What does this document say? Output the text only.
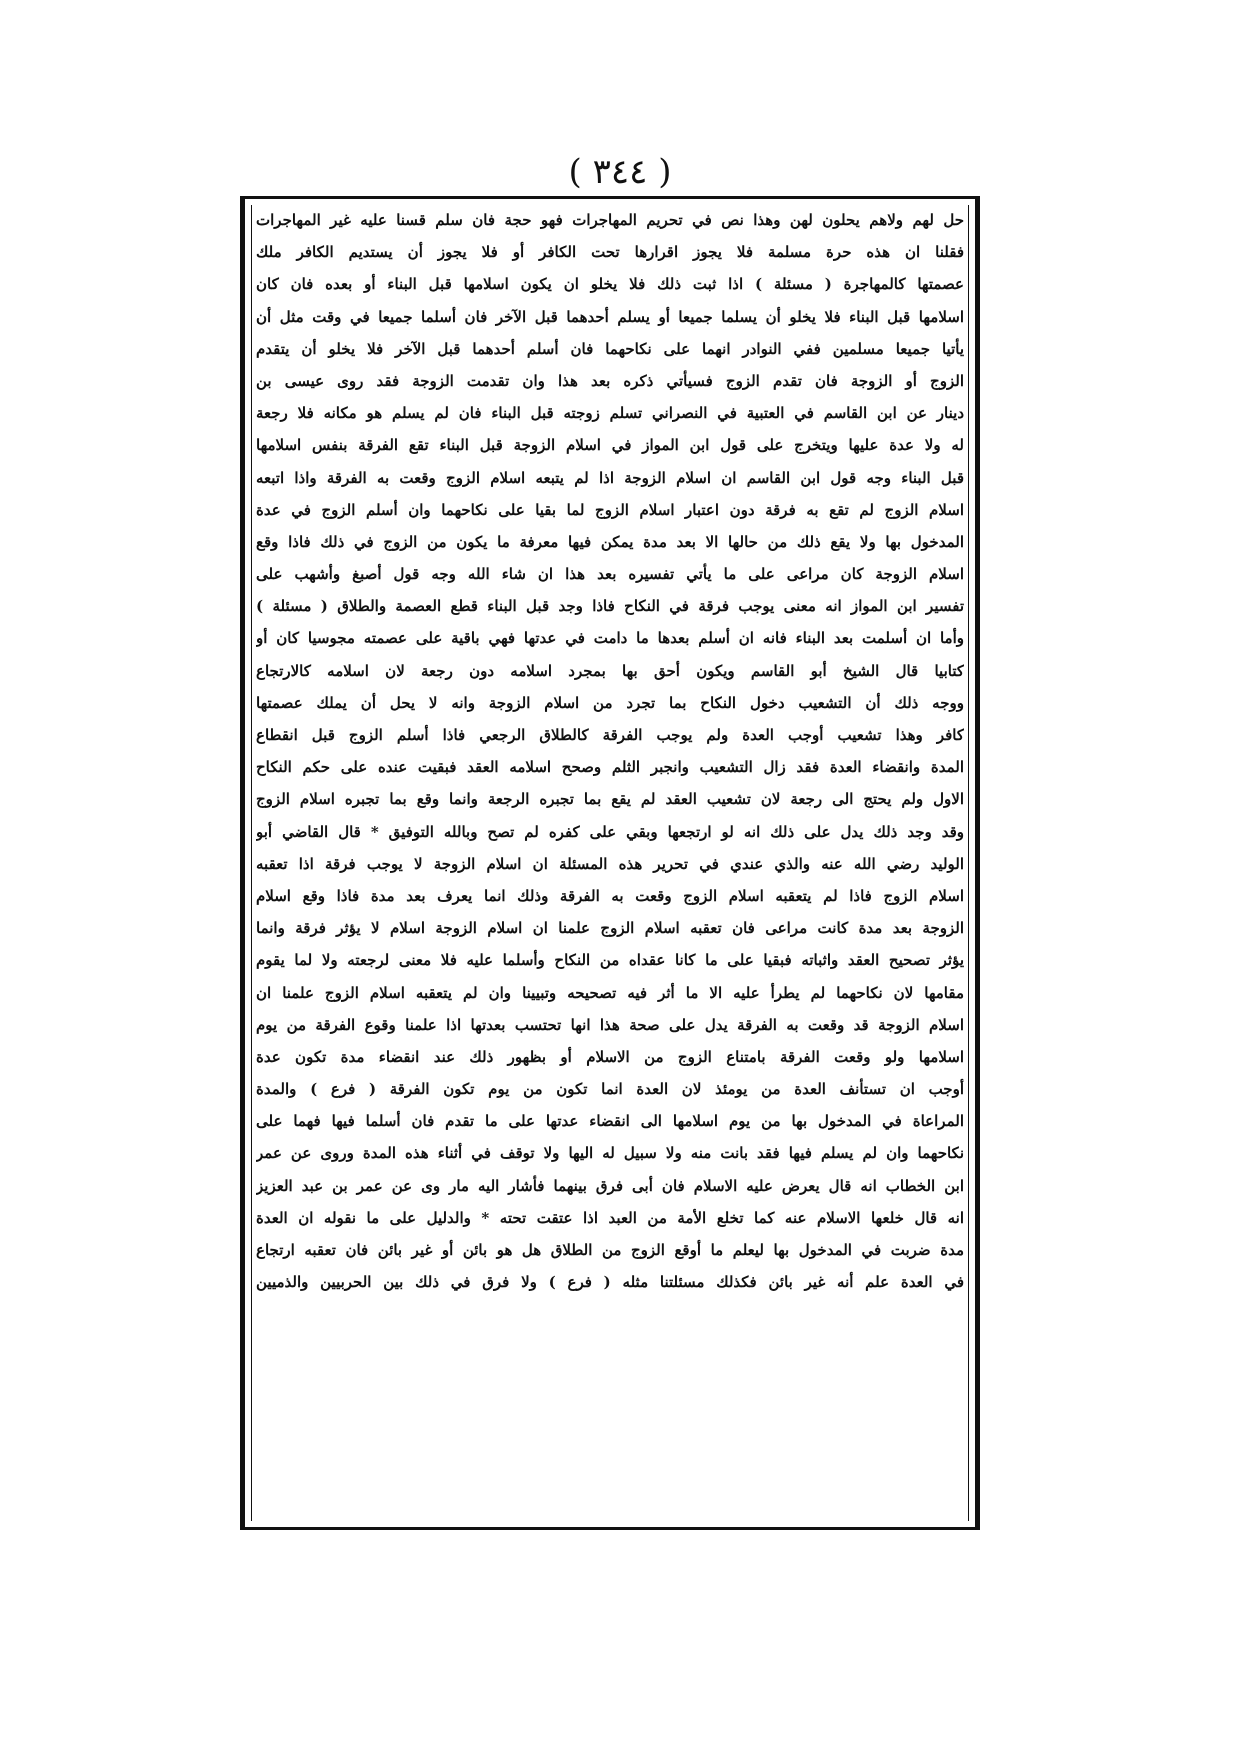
( ٣٤٤ )
حل لهم ولاهم يحلون لهن وهذا نص في تحريم المهاجرات فهو حجة فان سلم قسنا عليه غير المهاجرات
فقلنا ان هذه حرة مسلمة فلا يجوز اقرارها تحت الكافر أو فلا يجوز أن يستديم الكافر ملك
عصمتها كالمهاجرة ( مسئلة ) اذا ثبت ذلك فلا يخلو ان يكون اسلامها قبل البناء أو بعده فان كان
اسلامها قبل البناء فلا يخلو أن يسلما جميعا أو يسلم أحدهما قبل الآخر فان أسلما جميعا في وقت مثل أن
يأتيا جميعا مسلمين ففي النوادر انهما على نكاحهما فان أسلم أحدهما قبل الآخر فلا يخلو أن يتقدم
الزوج أو الزوجة فان تقدم الزوج فسيأتي ذكره بعد هذا وان تقدمت الزوجة فقد روى عيسى بن
دينار عن ابن القاسم في العتبية في النصراني تسلم زوجته قبل البناء فان لم يسلم هو مكانه فلا رجعة
له ولا عدة عليها ويتخرج على قول ابن المواز في اسلام الزوجة قبل البناء تقع الفرقة بنفس اسلامها
قبل البناء وجه قول ابن القاسم ان اسلام الزوجة اذا لم يتبعه اسلام الزوج وقعت به الفرقة واذا اتبعه
اسلام الزوج لم تقع به فرقة دون اعتبار اسلام الزوج لما بقيا على نكاحهما وان أسلم الزوج في عدة
المدخول بها ولا يقع ذلك من حالها الا بعد مدة يمكن فيها معرفة ما يكون من الزوج في ذلك فاذا وقع
اسلام الزوجة كان مراعى على ما يأتي تفسيره بعد هذا ان شاء الله وجه قول أصبغ وأشهب على
تفسير ابن المواز انه معنى يوجب فرقة في النكاح فاذا وجد قبل البناء قطع العصمة والطلاق ( مسئلة )
وأما ان أسلمت بعد البناء فانه ان أسلم بعدها ما دامت في عدتها فهي باقية على عصمته مجوسيا كان أو
كتابيا قال الشيخ أبو القاسم ويكون أحق بها بمجرد اسلامه دون رجعة لان اسلامه كالارتجاع
ووجه ذلك أن التشعيب دخول النكاح بما تجرد من اسلام الزوجة وانه لا يحل أن يملك عصمتها
كافر وهذا تشعيب أوجب العدة ولم يوجب الفرقة كالطلاق الرجعي فاذا أسلم الزوج قبل انقطاع
المدة وانقضاء العدة فقد زال التشعيب وانجبر الثلم وصحح اسلامه العقد فبقيت عنده على حكم النكاح
الاول ولم يحتج الى رجعة لان تشعيب العقد لم يقع بما تجبره الرجعة وانما وقع بما تجبره اسلام الزوج
وقد وجد ذلك يدل على ذلك انه لو ارتجعها وبقي على كفره لم تصح وبالله التوفيق * قال القاضي أبو
الوليد رضي الله عنه والذي عندي في تحرير هذه المسئلة ان اسلام الزوجة لا يوجب فرقة اذا تعقبه
اسلام الزوج فاذا لم يتعقبه اسلام الزوج وقعت به الفرقة وذلك انما يعرف بعد مدة فاذا وقع اسلام
الزوجة بعد مدة كانت مراعى فان تعقبه اسلام الزوج علمنا ان اسلام الزوجة اسلام لا يؤثر فرقة وانما
يؤثر تصحيح العقد واثباته فبقيا على ما كانا عقداه من النكاح وأسلما عليه فلا معنى لرجعته ولا لما يقوم
مقامها لان نكاحهما لم يطرأ عليه الا ما أثر فيه تصحيحه وتبيينا وان لم يتعقبه اسلام الزوج علمنا ان
اسلام الزوجة قد وقعت به الفرقة يدل على صحة هذا انها تحتسب بعدتها اذا علمنا وقوع الفرقة من يوم
اسلامها ولو وقعت الفرقة بامتناع الزوج من الاسلام أو بظهور ذلك عند انقضاء مدة تكون عدة
أوجب ان تستأنف العدة من يومئذ لان العدة انما تكون من يوم تكون الفرقة ( فرع ) والمدة
المراعاة في المدخول بها من يوم اسلامها الى انقضاء عدتها على ما تقدم فان أسلما فيها فهما على
نكاحهما وان لم يسلم فيها فقد بانت منه ولا سبيل له اليها ولا توقف في أثناء هذه المدة وروى عن عمر
ابن الخطاب انه قال يعرض عليه الاسلام فان أبى فرق بينهما فأشار اليه مار وى عن عمر بن عبد العزيز
انه قال خلعها الاسلام عنه كما تخلع الأمة من العبد اذا عتقت تحته * والدليل على ما نقوله ان العدة
مدة ضربت في المدخول بها ليعلم ما أوقع الزوج من الطلاق هل هو بائن أو غير بائن فان تعقبه ارتجاع
في العدة علم أنه غير بائن فكذلك مسئلتنا مثله ( فرع ) ولا فرق في ذلك بين الحربيين والذميين
